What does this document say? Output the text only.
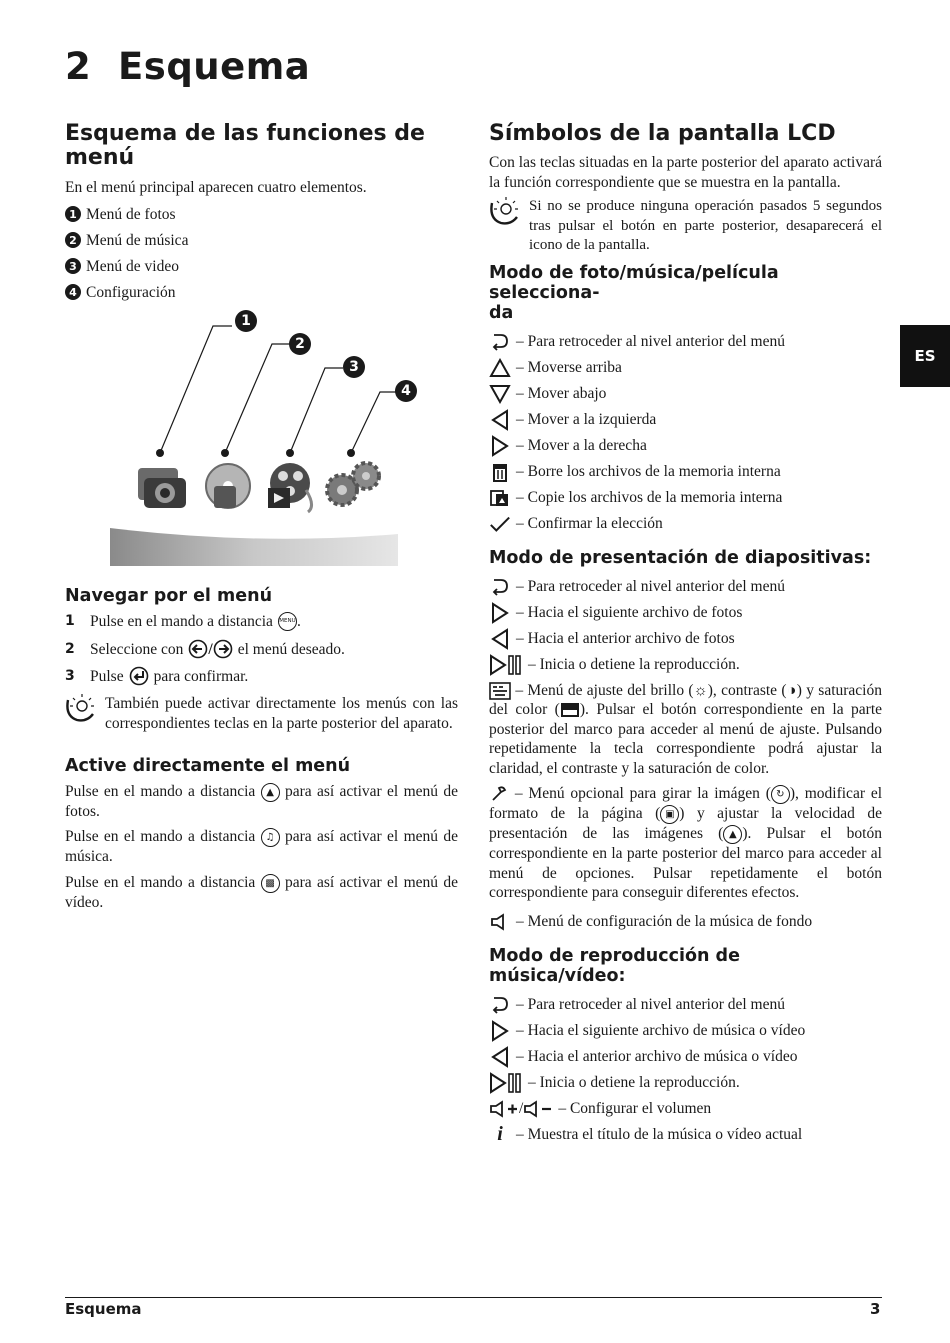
2 Esquema
Esquema de las funciones de
menú
En el menú principal aparecen cuatro elementos.
1 Menú de fotos
2 Menú de música
3 Menú de video
4 Configuración
1
2
3
4
Navegar por el menú
1 Pulse en el mando a distancia MENU .
2 Seleccione con / el menú deseado.
3 Pulse para confirmar.
También puede activar directamente los menús con las correspondientes teclas en la parte posterior del aparato.
Active directamente el menú
Pulse en el mando a distancia ▲ para así activar el menú de fotos.
Pulse en el mando a distancia ♫ para así activar el menú de música.
Pulse en el mando a distancia ▩ para así activar el menú de vídeo.
Símbolos de la pantalla LCD
Con las teclas situadas en la parte posterior del aparato activará la función correspondiente que se muestra en la pantalla.
Si no se produce ninguna operación pasados 5 segundos tras pulsar el botón en parte posterior, desaparecerá el icono de la pantalla.
Modo de foto/música/película selecciona-
da
– Para retroceder al nivel anterior del menú
– Moverse arriba
– Mover abajo
– Mover a la izquierda
– Mover a la derecha
– Borre los archivos de la memoria interna
– Copie los archivos de la memoria interna
– Confirmar la elección
Modo de presentación de diapositivas:
– Para retroceder al nivel anterior del menú
– Hacia el siguiente archivo de fotos
– Hacia el anterior archivo de fotos
– Inicia o detiene la reproducción.
– Menú de ajuste del brillo (☼), contraste (◑) y saturación del color ( ). Pulsar el botón correspondiente en la parte posterior del marco para acceder al menú de ajuste. Pulsando repetidamente la tecla correspondiente podrá ajustar la claridad, el contraste y la saturación de color.
– Menú opcional para girar la imágen ( ↻ ), modificar el formato de la página ( ▣ ) y ajustar la velocidad de presentación de las imágenes ( ▲ ). Pulsar el botón correspondiente en la parte posterior del marco para acceder al menú de opciones. Pulsar repetidamente el botón correspondiente para conseguir diferentes efectos.
– Menú de configuración de la música de fondo
Modo de reproducción de música/vídeo:
– Para retroceder al nivel anterior del menú
– Hacia el siguiente archivo de música o vídeo
– Hacia el anterior archivo de música o vídeo
– Inicia o detiene la reproducción.
/ – Configurar el volumen
i – Muestra el título de la música o vídeo actual
ES
Esquema	3
